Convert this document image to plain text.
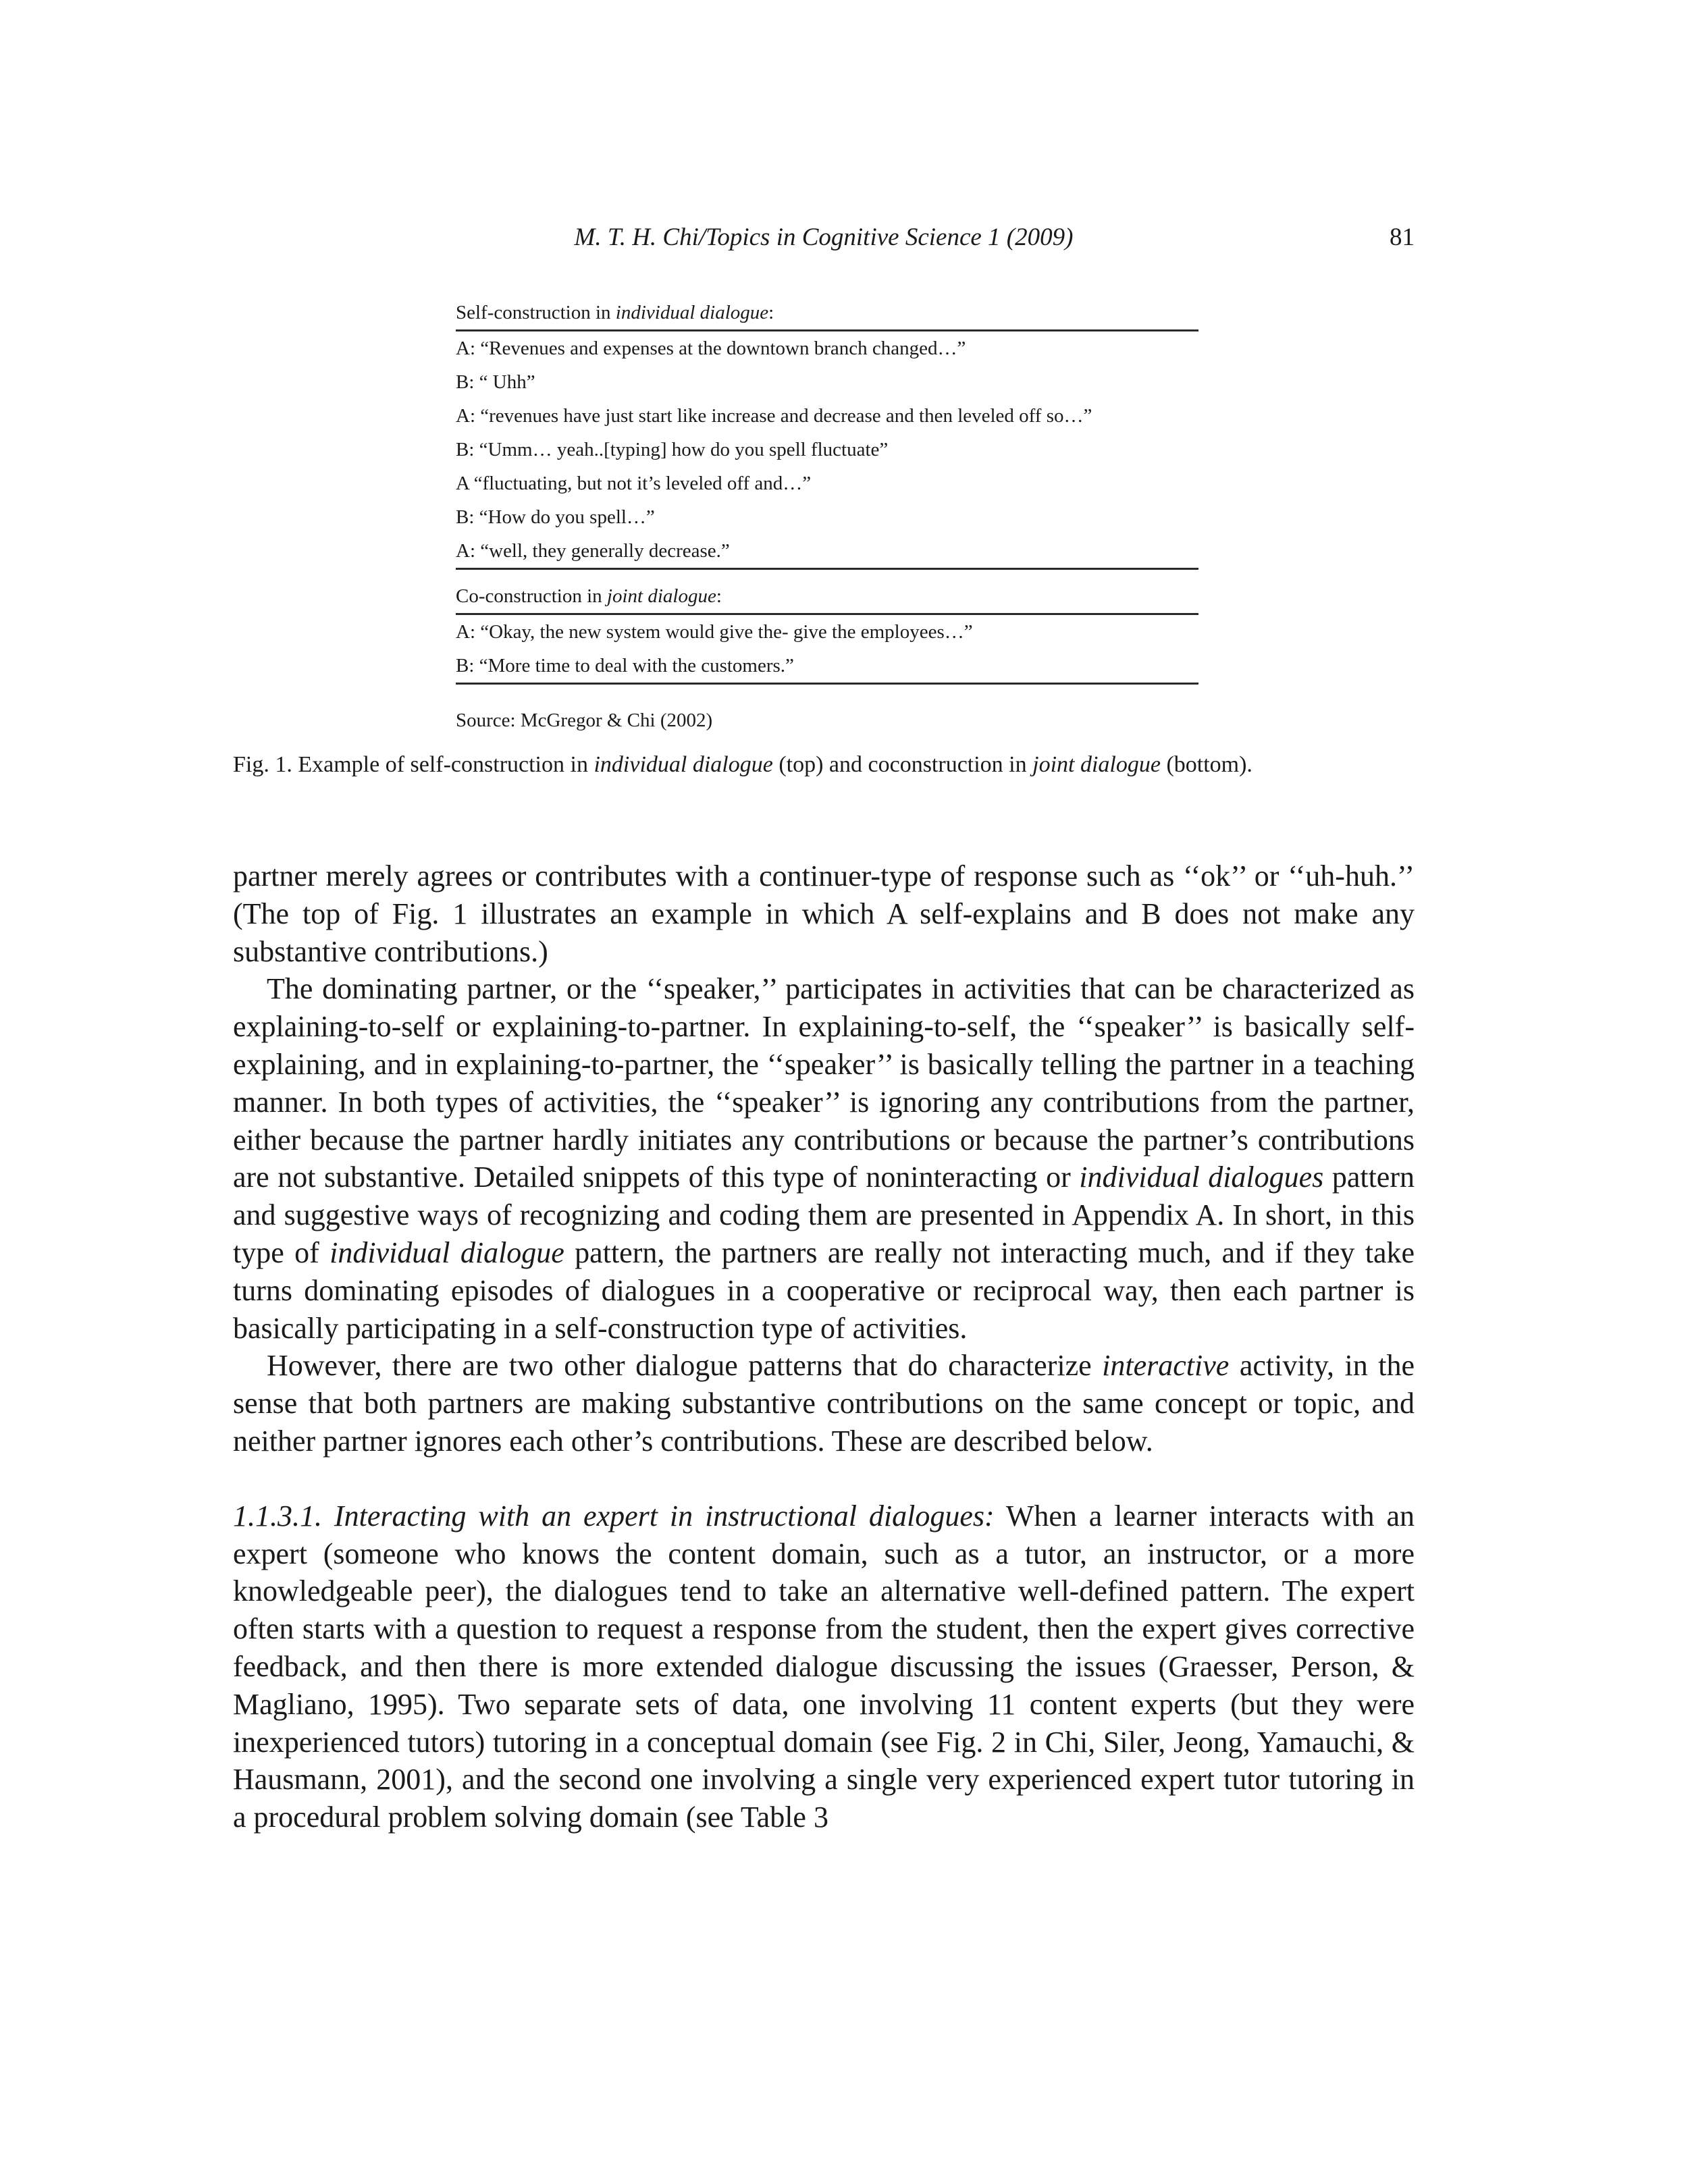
M. T. H. Chi/Topics in Cognitive Science 1 (2009)	81
Self-construction in individual dialogue:
A: “Revenues and expenses at the downtown branch changed…”
B: “ Uhh”
A: “revenues have just start like increase and decrease and then leveled off so…”
B: “Umm… yeah..[typing] how do you spell fluctuate”
A “fluctuating, but not it’s leveled off and…”
B: “How do you spell…”
A: “well, they generally decrease.”
Co-construction in joint dialogue:
A: “Okay, the new system would give the- give the employees…”
B: “More time to deal with the customers.”
Source: McGregor & Chi (2002)
Fig. 1. Example of self-construction in individual dialogue (top) and coconstruction in joint dialogue (bottom).

partner merely agrees or contributes with a continuer-type of response such as ‘‘ok’’ or ‘‘uh-huh.’’ (The top of Fig. 1 illustrates an example in which A self-explains and B does not make any substantive contributions.)

The dominating partner, or the ‘‘speaker,’’ participates in activities that can be characterized as explaining-to-self or explaining-to-partner. In explaining-to-self, the ‘‘speaker’’ is basically self-explaining, and in explaining-to-partner, the ‘‘speaker’’ is basically telling the partner in a teaching manner. In both types of activities, the ‘‘speaker’’ is ignoring any contributions from the partner, either because the partner hardly initiates any contributions or because the partner’s contributions are not substantive. Detailed snippets of this type of noninteracting or individual dialogues pattern and suggestive ways of recognizing and coding them are presented in Appendix A. In short, in this type of individual dialogue pattern, the partners are really not interacting much, and if they take turns dominating episodes of dialogues in a cooperative or reciprocal way, then each partner is basically participating in a self-construction type of activities.

However, there are two other dialogue patterns that do characterize interactive activity, in the sense that both partners are making substantive contributions on the same concept or topic, and neither partner ignores each other’s contributions. These are described below.

1.1.3.1. Interacting with an expert in instructional dialogues: When a learner interacts with an expert (someone who knows the content domain, such as a tutor, an instructor, or a more knowledgeable peer), the dialogues tend to take an alternative well-defined pattern. The expert often starts with a question to request a response from the student, then the expert gives corrective feedback, and then there is more extended dialogue discussing the issues (Graesser, Person, & Magliano, 1995). Two separate sets of data, one involving 11 content experts (but they were inexperienced tutors) tutoring in a conceptual domain (see Fig. 2 in Chi, Siler, Jeong, Yamauchi, & Hausmann, 2001), and the second one involving a single very experienced expert tutor tutoring in a procedural problem solving domain (see Table 3
